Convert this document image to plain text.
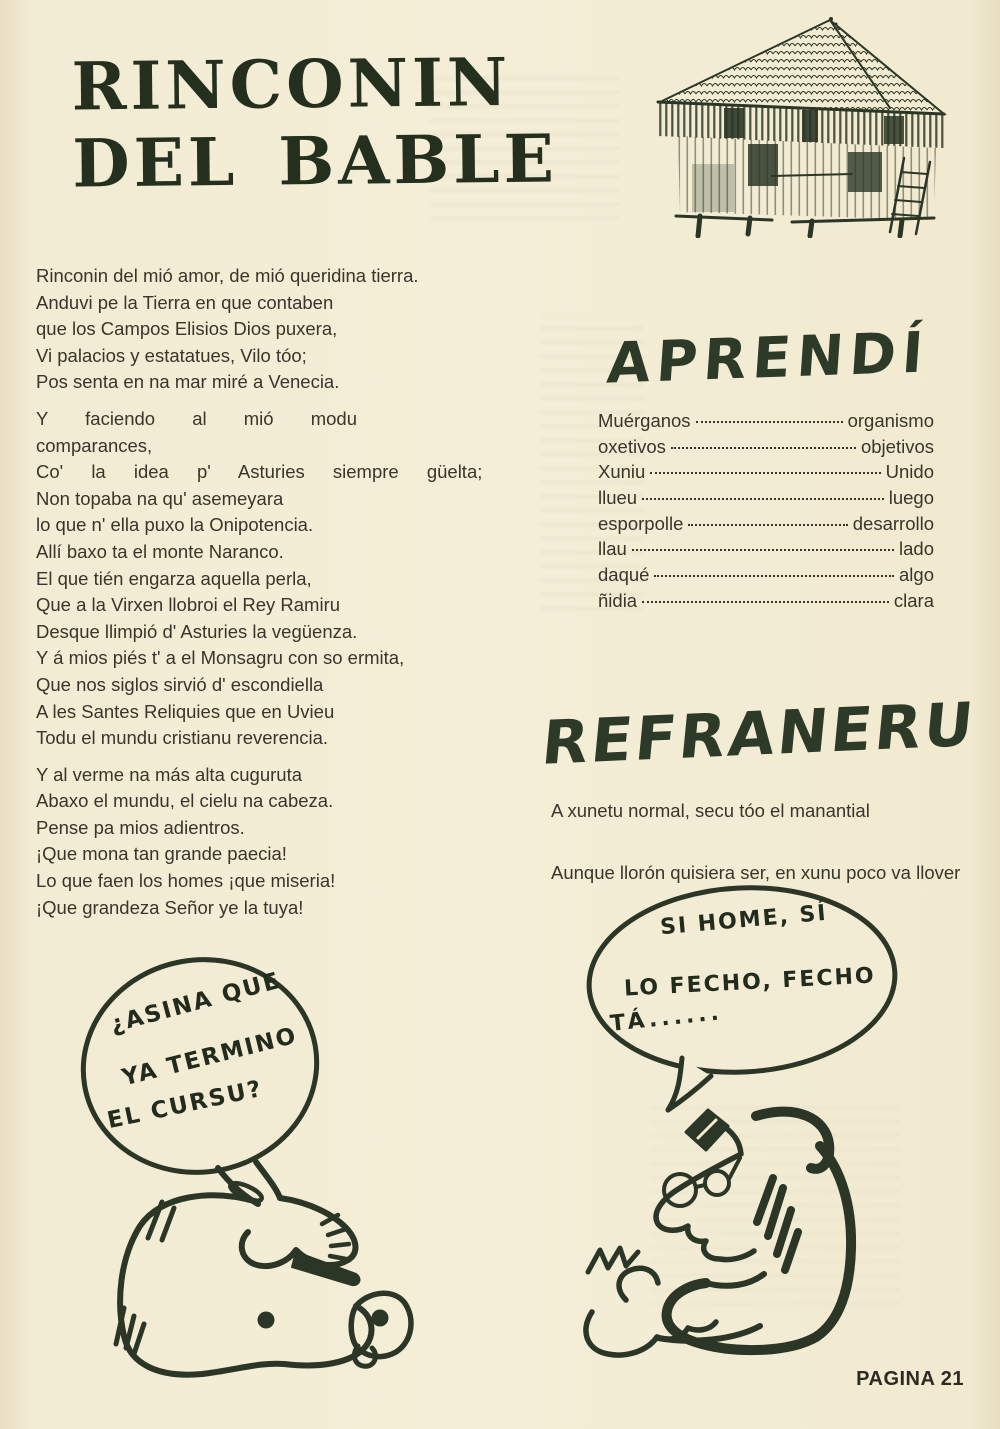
RINCONIN
DEL BABLE

Rinconin del mió amor, de mió queridina tierra.

Anduvi pe la Tierra en que contaben

que los Campos Elisios Dios puxera,

Vi palacios y estatatues, Vilo tóo;

Pos senta en na mar miré a Venecia.

Y faciendo al mió modu comparances,

Co' la idea p' Asturies siempre güelta;

Non topaba na qu' asemeyara

lo que n' ella puxo la Onipotencia.

Allí baxo ta el monte Naranco.

El que tién engarza aquella perla,

Que a la Virxen llobroi el Rey Ramiru

Desque llimpió d' Asturies la vegüenza.

Y á mios piés t' a el Monsagru con so ermita,

Que nos siglos sirvió d' escondiella

A les Santes Reliquies que en Uvieu

Todu el mundu cristianu reverencia.

Y al verme na más alta cuguruta

Abaxo el mundu, el cielu na cabeza.

Pense pa mios adientros.

¡Que mona tan grande paecia!

Lo que faen los homes ¡que miseria!

¡Que grandeza Señor ye la tuya!

APRENDÍ
Muérganos	organismo
oxetivos	objetivos
Xuniu	Unido
llueu	luego
esporpolle	desarrollo
llau	lado
daqué	algo
ñidia	clara
REFRANERU

A xunetu normal, secu tóo el manantial

Aunque llorón quisiera ser, en xunu poco va llover

¿ASINA QUE
YA TERMINO
EL CURSU?
SI HOME, SÍ
LO FECHO, FECHO
TÁ......
PAGINA 21
